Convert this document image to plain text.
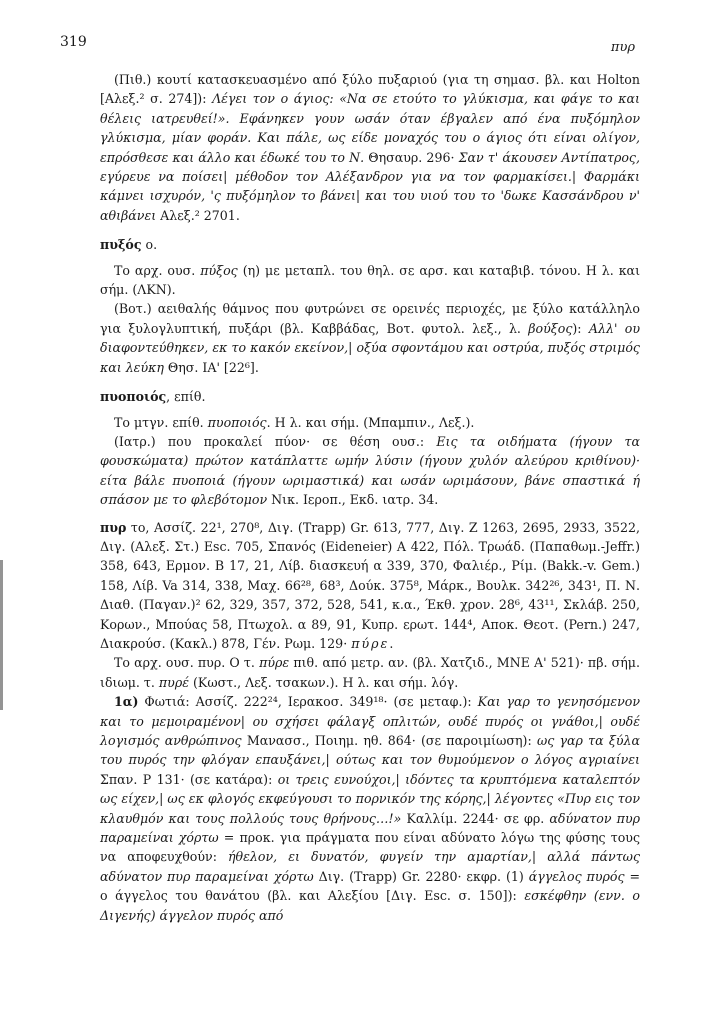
319	πυρ

(Πιθ.) κουτί κατασκευασμένο από ξύλο πυξαριού (για τη σημασ. βλ. και Holton [Αλεξ.² σ. 274]): Λέγει τον ο άγιος: «Να σε ετούτο το γλύκισμα, και φάγε το και θέλεις ιατρευθεί!». Εφάνηκεν γουν ωσάν όταν έβγαλεν από ένα πυξόμηλον γλύκισμα, μίαν φοράν. Και πάλε, ως είδε μοναχός του ο άγιος ότι είναι ολίγον, επρόσθεσε και άλλο και έδωκέ του το Ν. Θησαυρ. 296· Σαν τ' άκουσεν Αντίπατρος, εγύρευε να ποίσει| μέθοδον τον Αλέξανδρον για να τον φαρμακίσει.| Φαρμάκι κάμνει ισχυρόν, 'ς πυξόμηλον το βάνει| και του υιού του το 'δωκε Κασσάνδρου ν' αθιβάνει Αλεξ.² 2701.

πυξός ο.

Το αρχ. ουσ. πύξος (η) με μεταπλ. του θηλ. σε αρσ. και καταβιβ. τόνου. Η λ. και σήμ. (ΛΚΝ).

(Βοτ.) αειθαλής θάμνος που φυτρώνει σε ορεινές περιοχές, με ξύλο κατάλληλο για ξυλογλυπτική, πυξάρι (βλ. Καββάδας, Βοτ. φυτολ. λεξ., λ. βούξος): Αλλ' ου διαφοντεύθηκεν, εκ το κακόν εκείνον,| οξύα σφοντάμου και οστρύα, πυξός στριμός και λεύκη Θησ. ΙΑ' [22⁶].

πυοποιός, επίθ.

Το μτγν. επίθ. πυοποιός. Η λ. και σήμ. (Μπαμπιν., Λεξ.).

(Ιατρ.) που προκαλεί πύον· σε θέση ουσ.: Εις τα οιδήματα (ήγουν τα φουσκώματα) πρώτον κατάπλαττε ωμήν λύσιν (ήγουν χυλόν αλεύρου κριθίνου)· είτα βάλε πυοποιά (ήγουν ωριμαστικά) και ωσάν ωριμάσουν, βάνε σπαστικά ή σπάσον με το φλεβότομον Νικ. Ιεροπ., Εκδ. ιατρ. 34.

πυρ το, Ασσίζ. 22¹, 270⁸, Διγ. (Trapp) Gr. 613, 777, Διγ. Ζ 1263, 2695, 2933, 3522, Διγ. (Αλεξ. Στ.) Esc. 705, Σπανός (Eideneier) Α 422, Πόλ. Τρωάδ. (Παπαθωμ.-Jeffr.) 358, 643, Ερμον. Β 17, 21, Λίβ. διασκευή α 339, 370, Φαλιέρ., Ρίμ. (Bakk.-v. Gem.) 158, Λίβ. Va 314, 338, Μαχ. 66²⁸, 68³, Δούκ. 375⁸, Μάρκ., Βουλκ. 342²⁶, 343¹, Π. Ν. Διαθ. (Παγαν.)² 62, 329, 357, 372, 528, 541, κ.α., Έκθ. χρον. 28⁶, 43¹¹, Σκλάβ. 250, Κορων., Μπούας 58, Πτωχολ. α 89, 91, Κυπρ. ερωτ. 144⁴, Αποκ. Θεοτ. (Pern.) 247, Διακρούσ. (Κακλ.) 878, Γέν. Ρωμ. 129· πύρε.

Το αρχ. ουσ. πυρ. Ο τ. πύρε πιθ. από μετρ. αν. (βλ. Χατζιδ., ΜΝΕ Α' 521)· πβ. σήμ. ιδιωμ. τ. πυρέ (Κωστ., Λεξ. τσακων.). Η λ. και σήμ. λόγ.

1α) Φωτιά: Ασσίζ. 222²⁴, Ιερακοσ. 349¹⁸· (σε μεταφ.): Και γαρ το γενησόμενον και το μεμοιραμένον| ου σχήσει φάλαγξ οπλιτών, ουδέ πυρός οι γνάθοι,| ουδέ λογισμός ανθρώπινος Μανασσ., Ποιημ. ηθ. 864· (σε παροιμίωση): ως γαρ τα ξύλα του πυρός την φλόγαν επαυξάνει,| ούτως και τον θυμούμενον ο λόγος αγριαίνει Σπαν. Ρ 131· (σε κατάρα): οι τρεις ευνούχοι,| ιδόντες τα κρυπτόμενα καταλεπτόν ως είχεν,| ως εκ φλογός εκφεύγουσι το πορνικόν της κόρης,| λέγοντες «Πυρ εις τον κλαυθμόν και τους πολλούς τους θρήνους…!» Καλλίμ. 2244· σε φρ. αδύνατον πυρ παραμείναι χόρτω = πρoκ. για πράγματα που είναι αδύνατο λόγω της φύσης τους να αποφευχθούν: ήθελον, ει δυνατόν, φυγείν την αμαρτίαν,| αλλά πάντως αδύνατον πυρ παραμείναι χόρτω Διγ. (Trapp) Gr. 2280· εκφρ. (1) άγγελος πυρός = ο άγγελος του θανάτου (βλ. και Αλεξίου [Διγ. Esc. σ. 150]): εσκέφθην (ενν. ο Διγενής) άγγελον πυρός από
